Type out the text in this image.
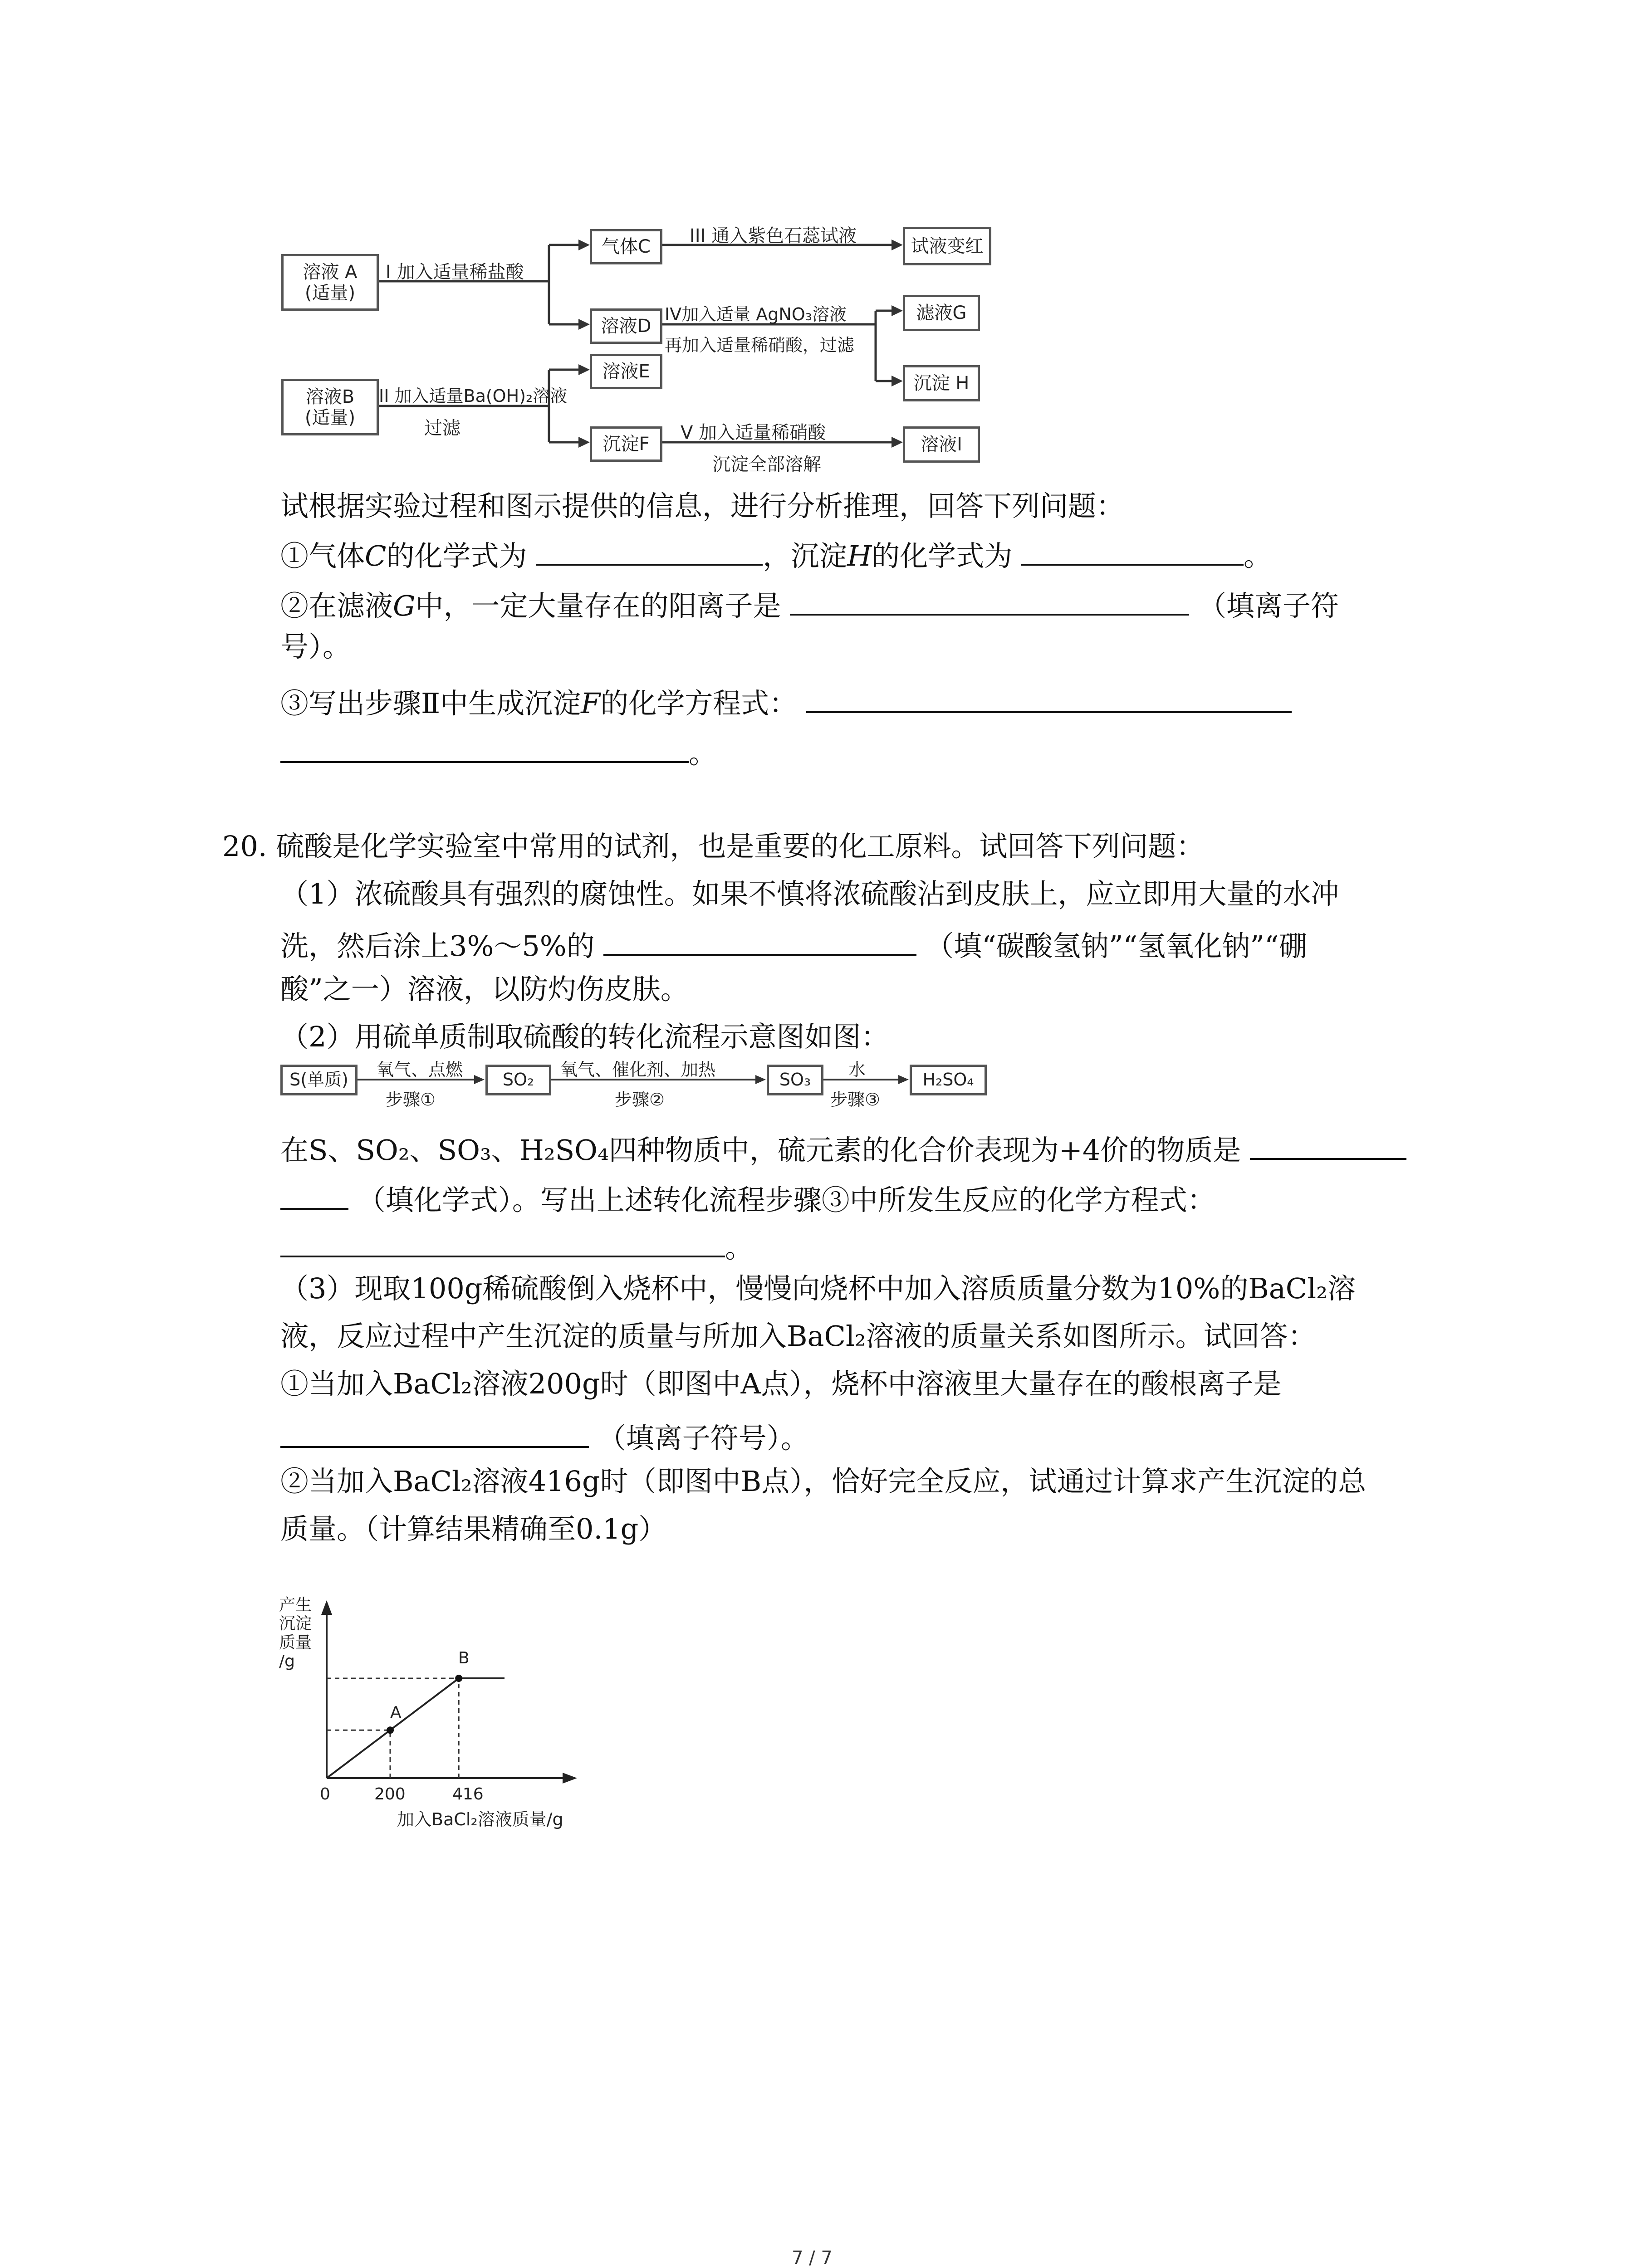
溶液 A
(适量)
溶液B
(适量)
气体C
溶液D
溶液E
沉淀F
试液变红
滤液G
沉淀 H
溶液I
I 加入适量稀盐酸
II 加入适量Ba(OH)₂溶液
过滤
III 通入紫色石蕊试液
IV加入适量 AgNO₃溶液
再加入适量稀硝酸，过滤
V 加入适量稀硝酸
沉淀全部溶解
试根据实验过程和图示提供的信息，进行分析推理，回答下列问题：
①气体C的化学式为	，沉淀H的化学式为	。
②在滤液G中，一定大量存在的阳离子是	（填离子符
号）。
③写出步骤Ⅱ中生成沉淀F的化学方程式：
。
20. 硫酸是化学实验室中常用的试剂，也是重要的化工原料。试回答下列问题：
（1）浓硫酸具有强烈的腐蚀性。如果不慎将浓硫酸沾到皮肤上，应立即用大量的水冲
洗，然后涂上3%～5%的	（填“碳酸氢钠”“氢氧化钠”“硼
酸”之一）溶液，以防灼伤皮肤。
（2）用硫单质制取硫酸的转化流程示意图如图：
S(单质)	SO₂	SO₃	H₂SO₄
氧气、点燃
步骤①
氧气、催化剂、加热
步骤②
水
步骤③
在S、SO₂、SO₃、H₂SO₄四种物质中，硫元素的化合价表现为+4价的物质是
（填化学式）。写出上述转化流程步骤③中所发生反应的化学方程式：
。
（3）现取100g稀硫酸倒入烧杯中，慢慢向烧杯中加入溶质质量分数为10%的BaCl₂溶
液，反应过程中产生沉淀的质量与所加入BaCl₂溶液的质量关系如图所示。试回答：
①当加入BaCl₂溶液200g时（即图中A点），烧杯中溶液里大量存在的酸根离子是
（填离子符号）。
②当加入BaCl₂溶液416g时（即图中B点），恰好完全反应，试通过计算求产生沉淀的总
质量。（计算结果精确至0.1g）
产生
沉淀
质量
/g
0	200	416
A
B
加入BaCl₂溶液质量/g
7 / 7
